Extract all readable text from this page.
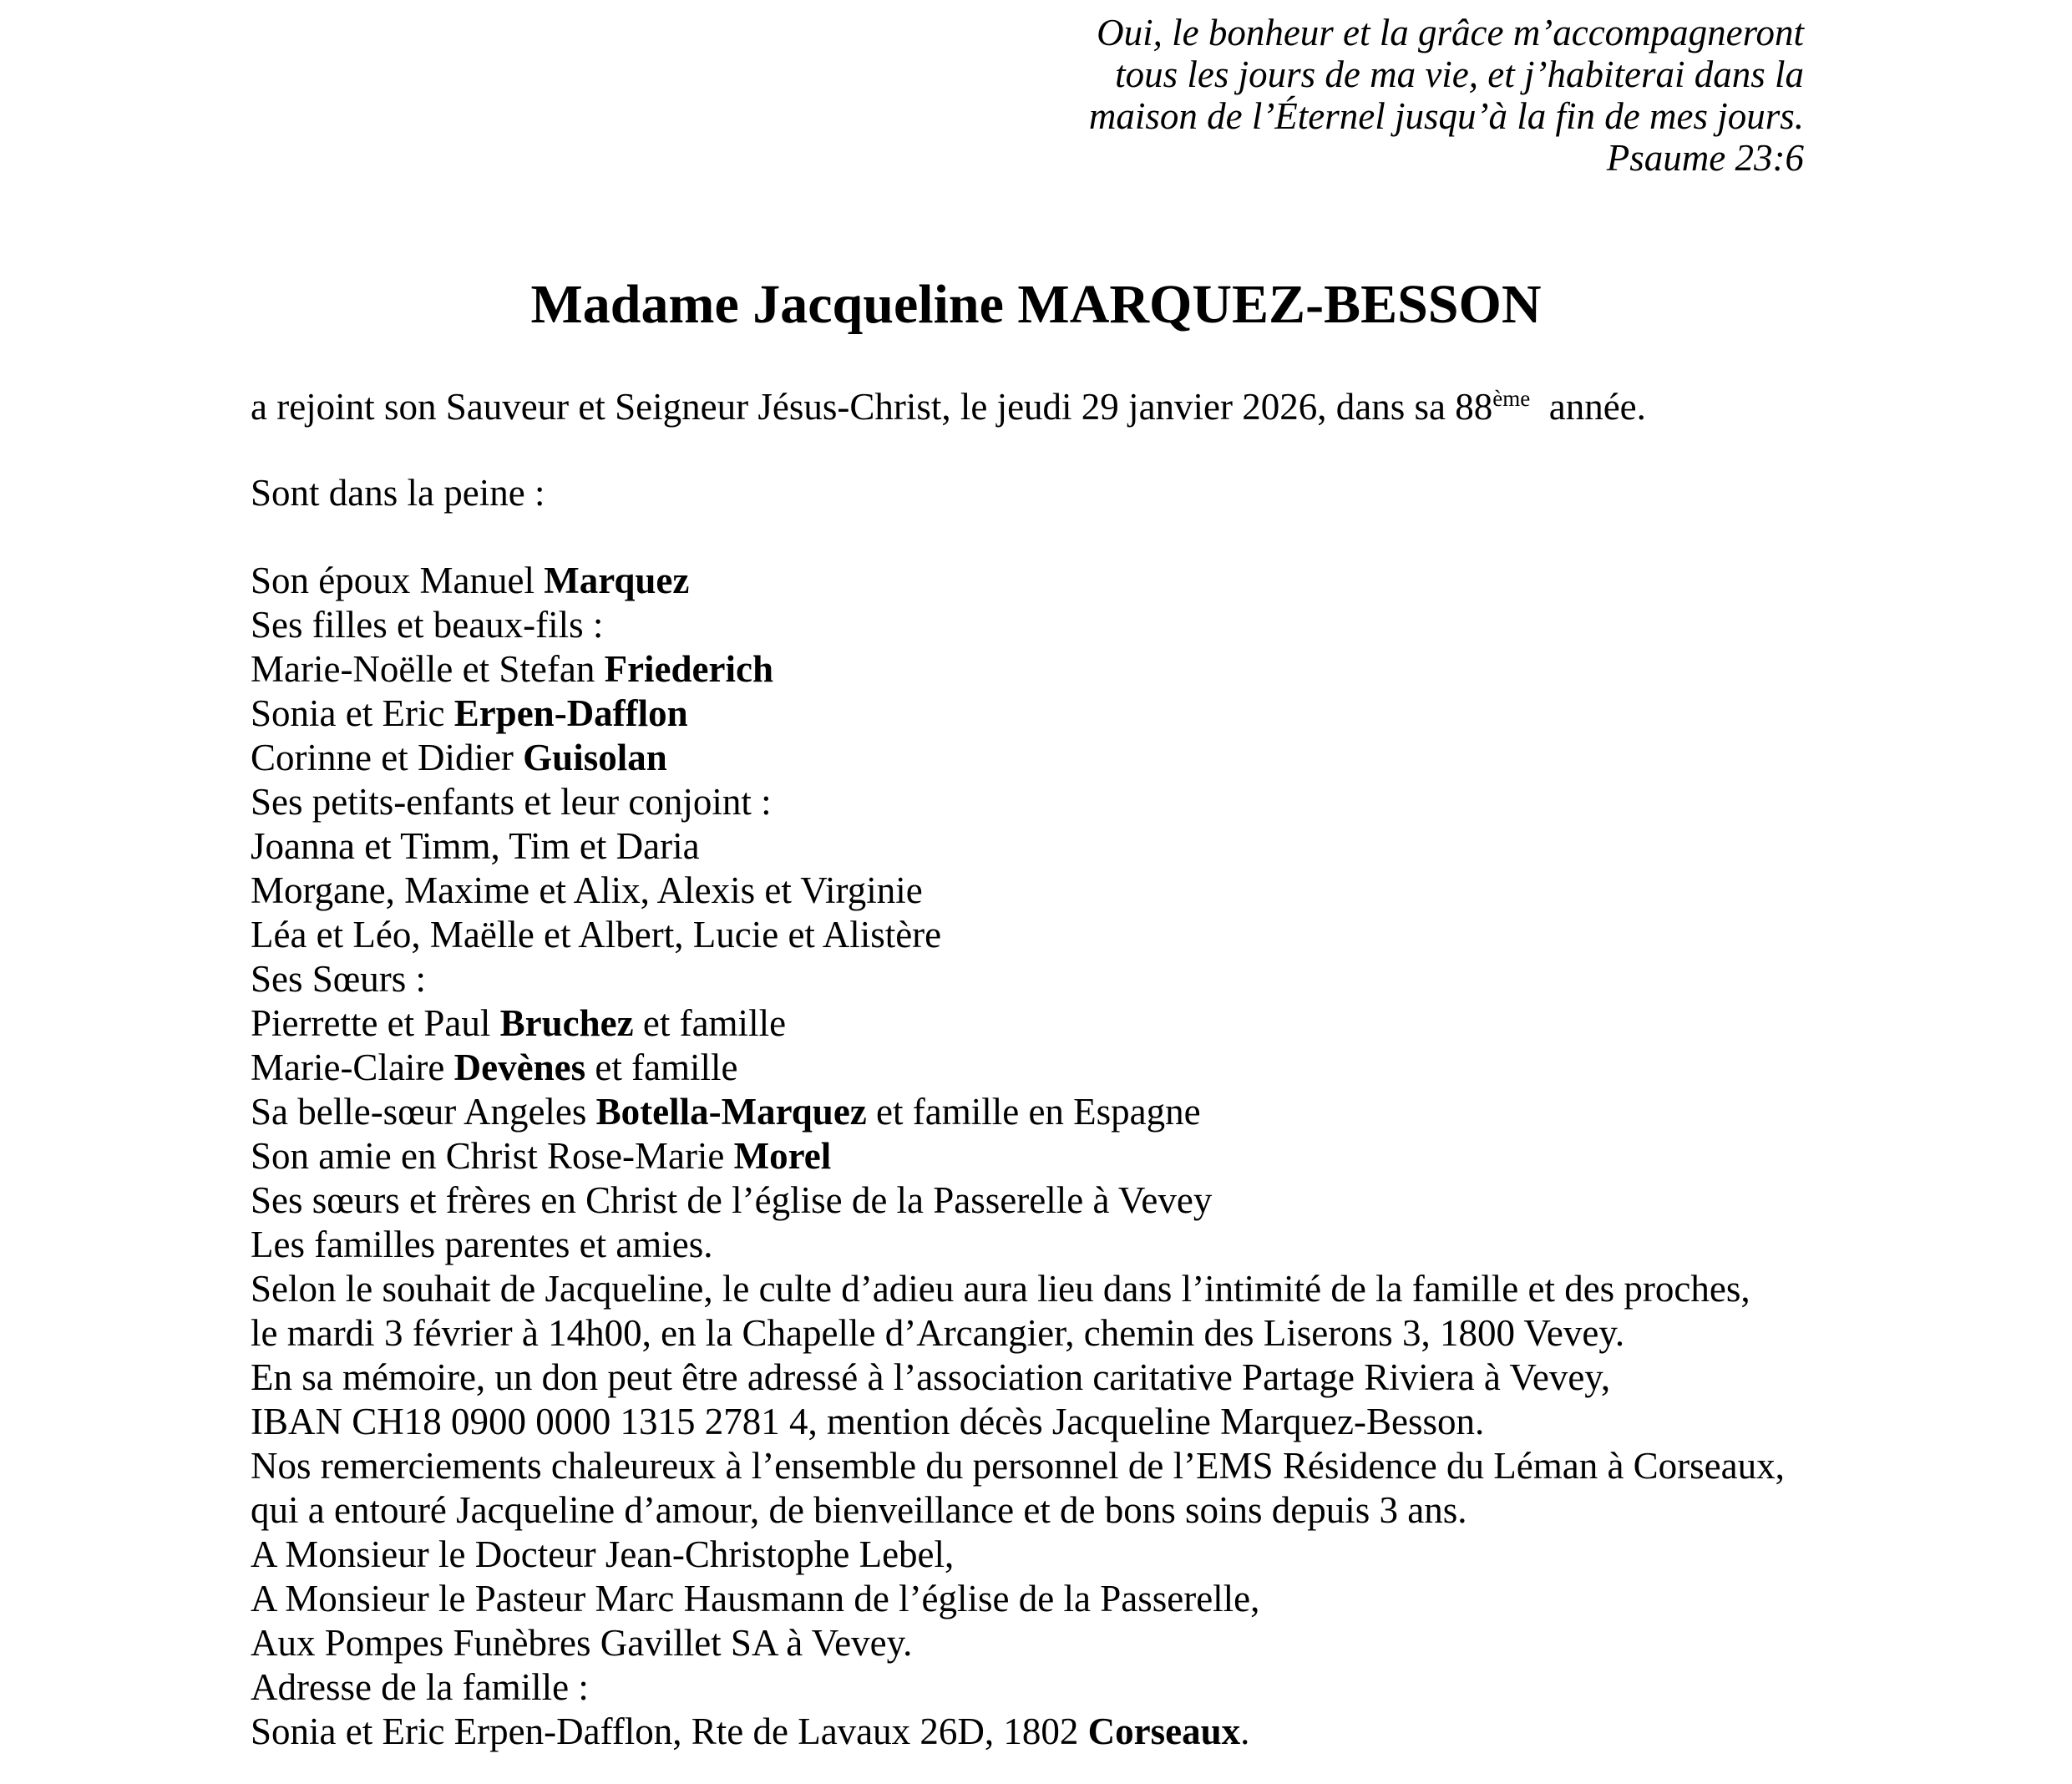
Oui, le bonheur et la grâce m’accompagneront
tous les jours de ma vie, et j’habiterai dans la
maison de l’Éternel jusqu’à la fin de mes jours.
Psaume 23:6
Madame Jacqueline MARQUEZ-BESSON
a rejoint son Sauveur et Seigneur Jésus-Christ, le jeudi 29 janvier 2026, dans sa 88ème  année.
Sont dans la peine :
Son époux Manuel Marquez
Ses filles et beaux-fils :
Marie-Noëlle et Stefan Friederich
Sonia et Eric Erpen-Dafflon
Corinne et Didier Guisolan
Ses petits-enfants et leur conjoint :
Joanna et Timm, Tim et Daria
Morgane, Maxime et Alix, Alexis et Virginie
Léa et Léo, Maëlle et Albert, Lucie et Alistère
Ses Sœurs :
Pierrette et Paul Bruchez et famille
Marie-Claire Devènes et famille
Sa belle-sœur Angeles Botella-Marquez et famille en Espagne
Son amie en Christ Rose-Marie Morel
Ses sœurs et frères en Christ de l’église de la Passerelle à Vevey
Les familles parentes et amies.
Selon le souhait de Jacqueline, le culte d’adieu aura lieu dans l’intimité de la famille et des proches,
le mardi 3 février à 14h00, en la Chapelle d’Arcangier, chemin des Liserons 3, 1800 Vevey.
En sa mémoire, un don peut être adressé à l’association caritative Partage Riviera à Vevey,
IBAN CH18 0900 0000 1315 2781 4, mention décès Jacqueline Marquez-Besson.
Nos remerciements chaleureux à l’ensemble du personnel de l’EMS Résidence du Léman à Corseaux,
qui a entouré Jacqueline d’amour, de bienveillance et de bons soins depuis 3 ans.
A Monsieur le Docteur Jean-Christophe Lebel,
A Monsieur le Pasteur Marc Hausmann de l’église de la Passerelle,
Aux Pompes Funèbres Gavillet SA à Vevey.
Adresse de la famille :
Sonia et Eric Erpen-Dafflon, Rte de Lavaux 26D, 1802 Corseaux.
